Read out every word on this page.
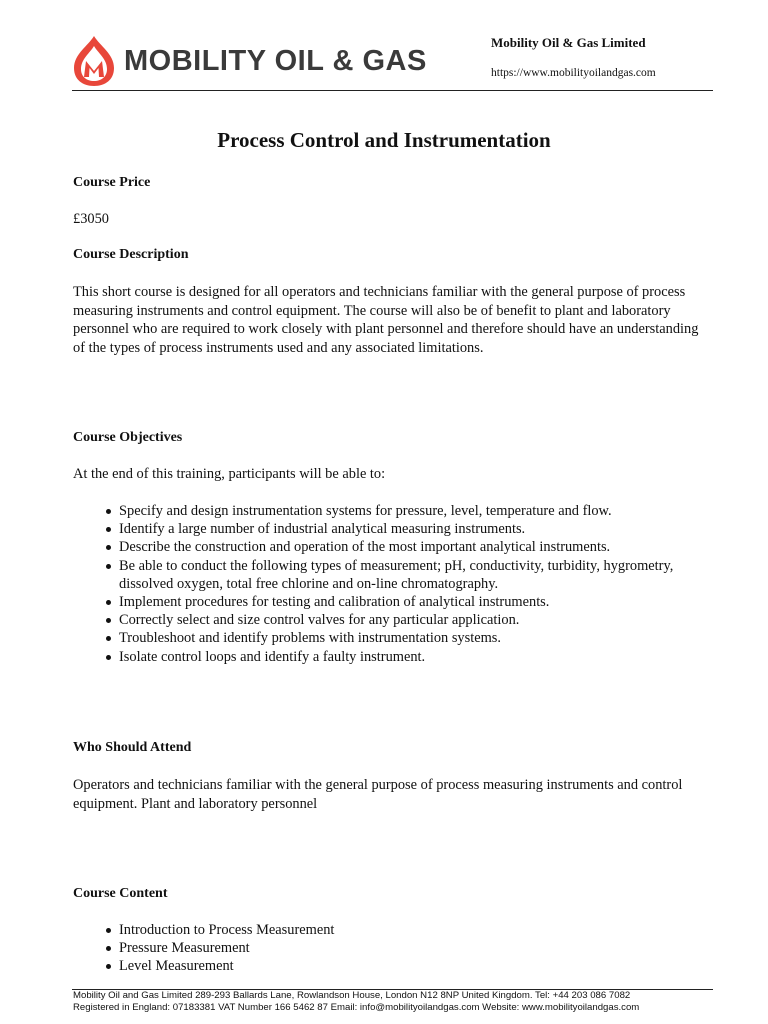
MOBILITY OIL & GAS
Mobility Oil & Gas Limited
https://www.mobilityoilandgas.com
Process Control and Instrumentation
Course Price
£3050
Course Description
This short course is designed for all operators and technicians familiar with the general purpose of process measuring instruments and control equipment. The course will also be of benefit to plant and laboratory personnel who are required to work closely with plant personnel and therefore should have an understanding of the types of process instruments used and any associated limitations.
Course Objectives
At the end of this training, participants will be able to:
Specify and design instrumentation systems for pressure, level, temperature and flow.
Identify a large number of industrial analytical measuring instruments.
Describe the construction and operation of the most important analytical instruments.
Be able to conduct the following types of measurement; pH, conductivity, turbidity, hygrometry, dissolved oxygen, total free chlorine and on-line chromatography.
Implement procedures for testing and calibration of analytical instruments.
Correctly select and size control valves for any particular application.
Troubleshoot and identify problems with instrumentation systems.
Isolate control loops and identify a faulty instrument.
Who Should Attend
Operators and technicians familiar with the general purpose of process measuring instruments and control equipment. Plant and laboratory personnel
Course Content
Introduction to Process Measurement
Pressure Measurement
Level Measurement
Mobility Oil and Gas Limited 289-293 Ballards Lane, Rowlandson House, London N12 8NP United Kingdom. Tel: +44 203 086 7082
Registered in England: 07183381 VAT Number 166 5462 87 Email: info@mobilityoilandgas.com Website: www.mobilityoilandgas.com
